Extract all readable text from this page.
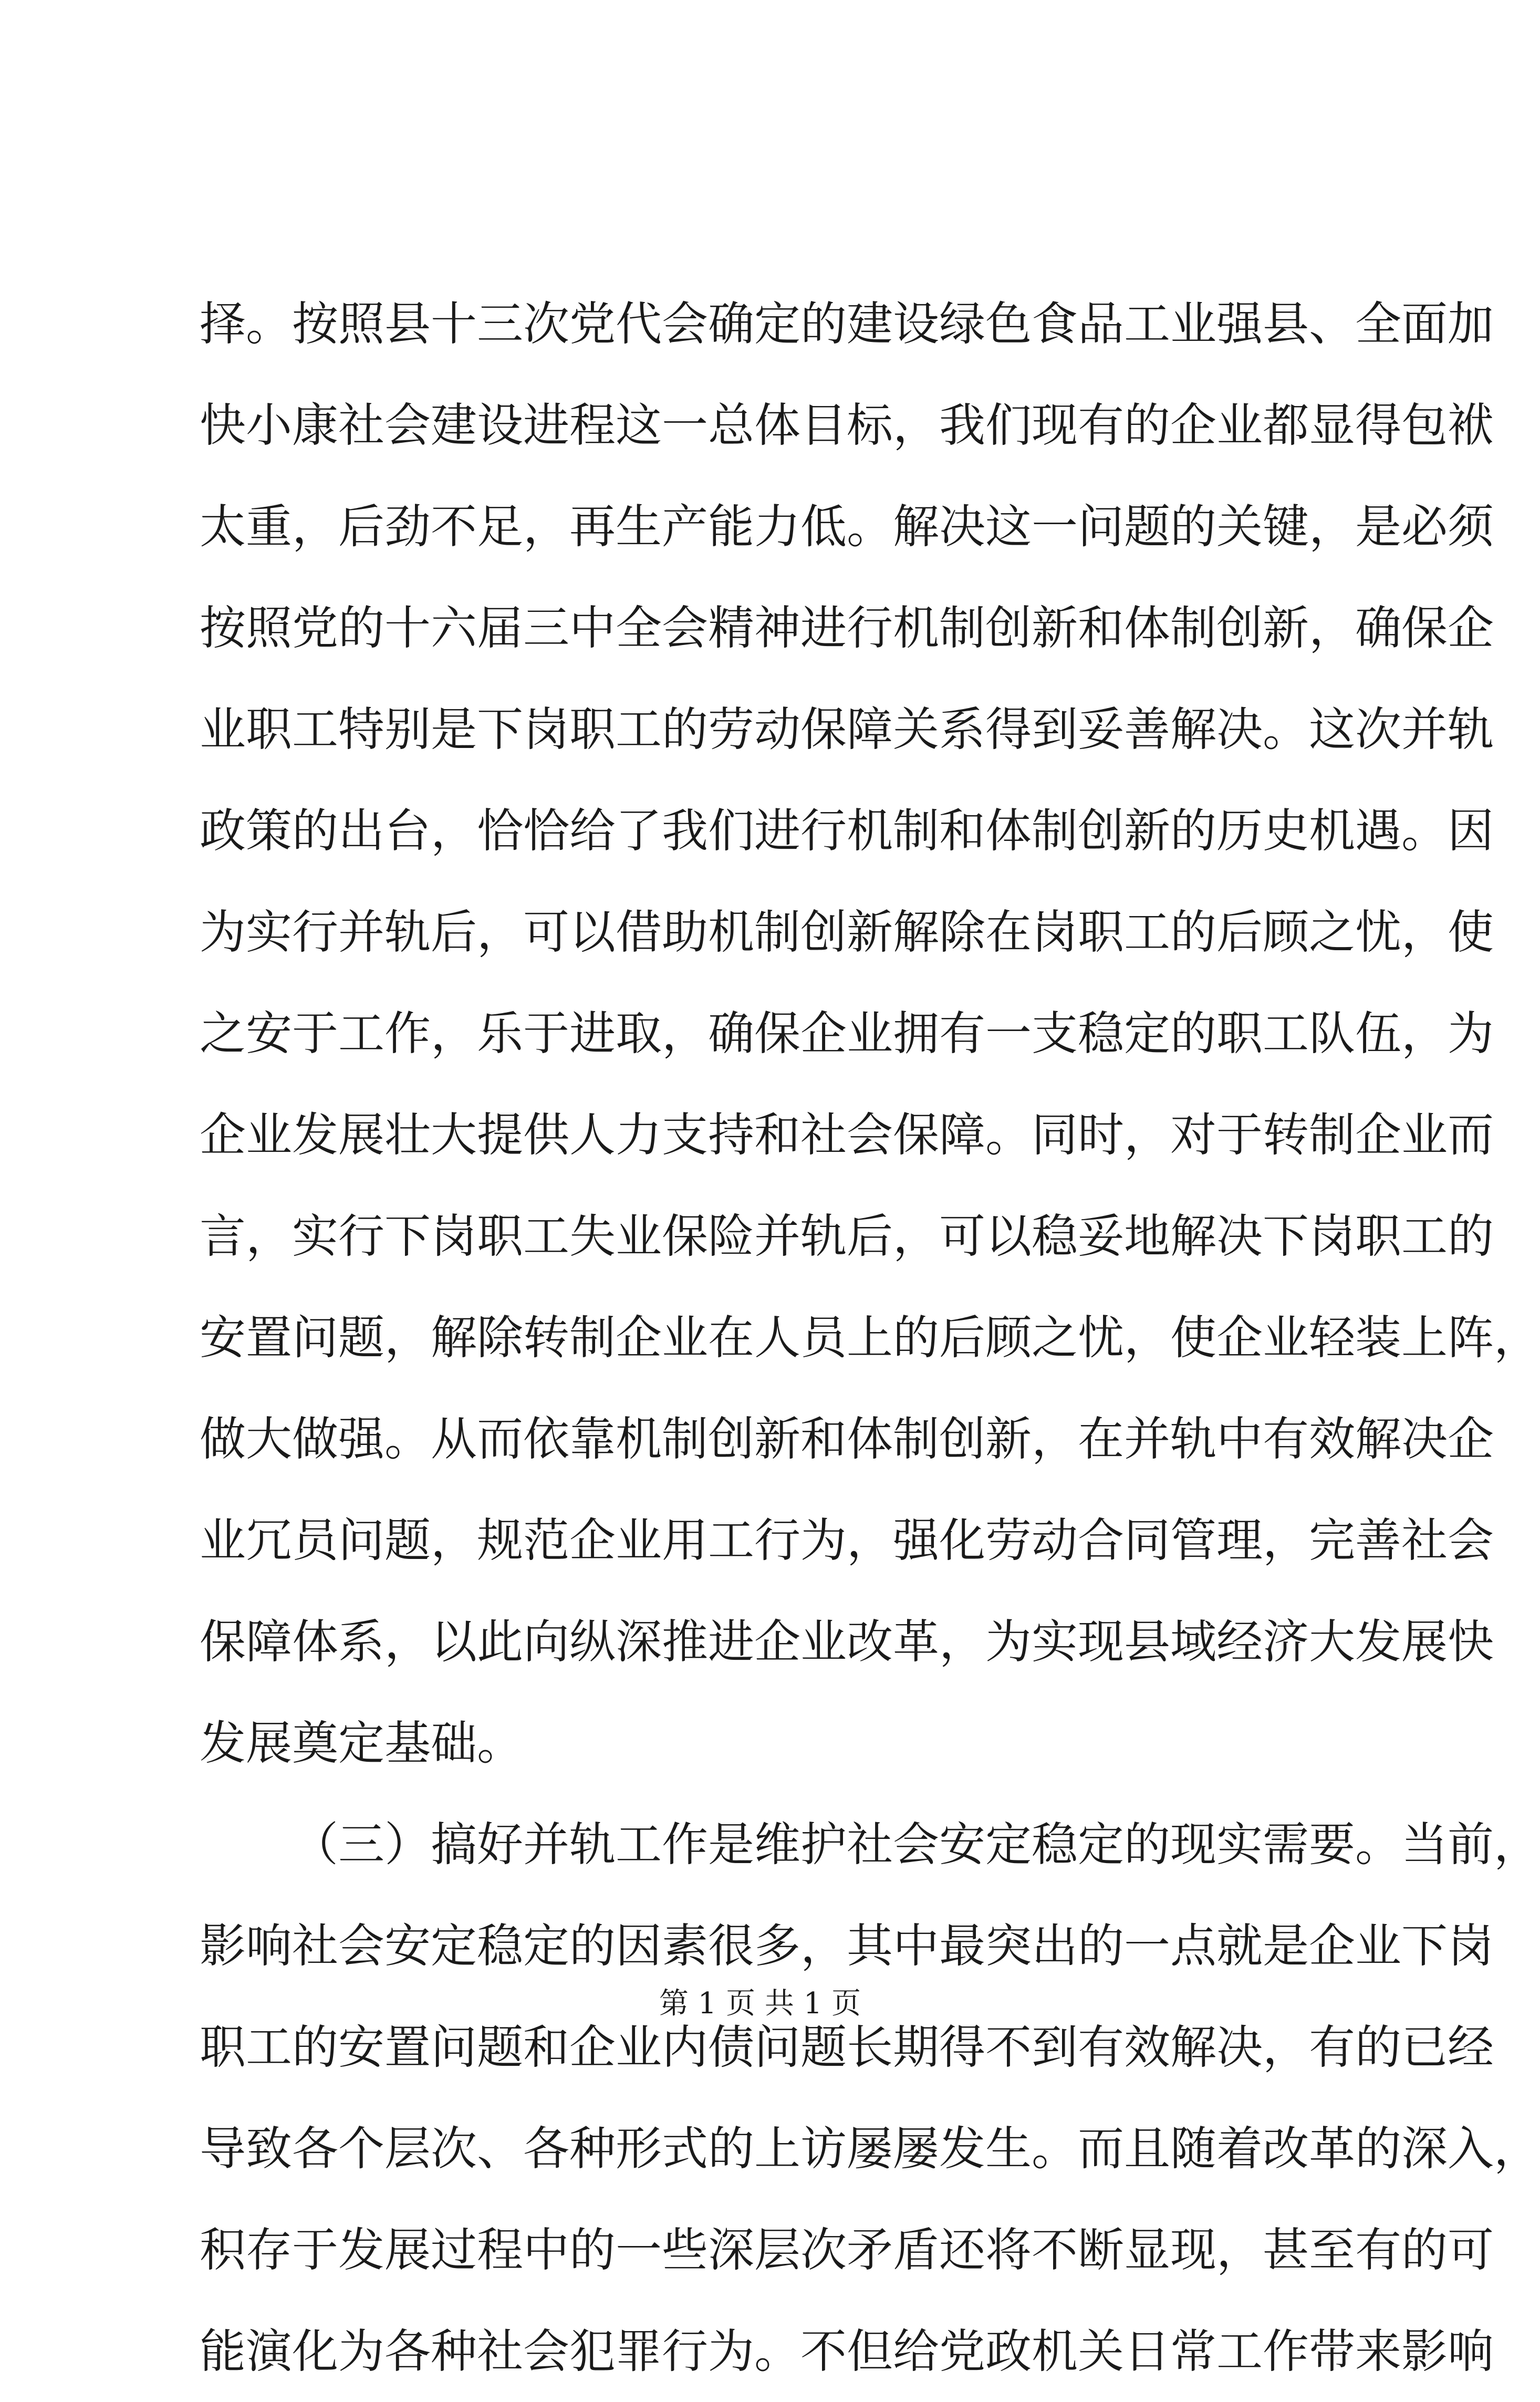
择。按照县十三次党代会确定的建设绿色食品工业强县、全面加
快小康社会建设进程这一总体目标，我们现有的企业都显得包袱
太重，后劲不足，再生产能力低。解决这一问题的关键，是必须
按照党的十六届三中全会精神进行机制创新和体制创新，确保企
业职工特别是下岗职工的劳动保障关系得到妥善解决。这次并轨
政策的出台，恰恰给了我们进行机制和体制创新的历史机遇。因
为实行并轨后，可以借助机制创新解除在岗职工的后顾之忧，使
之安于工作，乐于进取，确保企业拥有一支稳定的职工队伍，为
企业发展壮大提供人力支持和社会保障。同时，对于转制企业而
言，实行下岗职工失业保险并轨后，可以稳妥地解决下岗职工的
安置问题，解除转制企业在人员上的后顾之忧，使企业轻装上阵，
做大做强。从而依靠机制创新和体制创新，在并轨中有效解决企
业冗员问题，规范企业用工行为，强化劳动合同管理，完善社会
保障体系，以此向纵深推进企业改革，为实现县域经济大发展快
发展奠定基础。
（三）搞好并轨工作是维护社会安定稳定的现实需要。当前，
影响社会安定稳定的因素很多，其中最突出的一点就是企业下岗
职工的安置问题和企业内债问题长期得不到有效解决，有的已经
导致各个层次、各种形式的上访屡屡发生。而且随着改革的深入，
积存于发展过程中的一些深层次矛盾还将不断显现，甚至有的可
能演化为各种社会犯罪行为。不但给党政机关日常工作带来影响
第 1 页 共 1 页
